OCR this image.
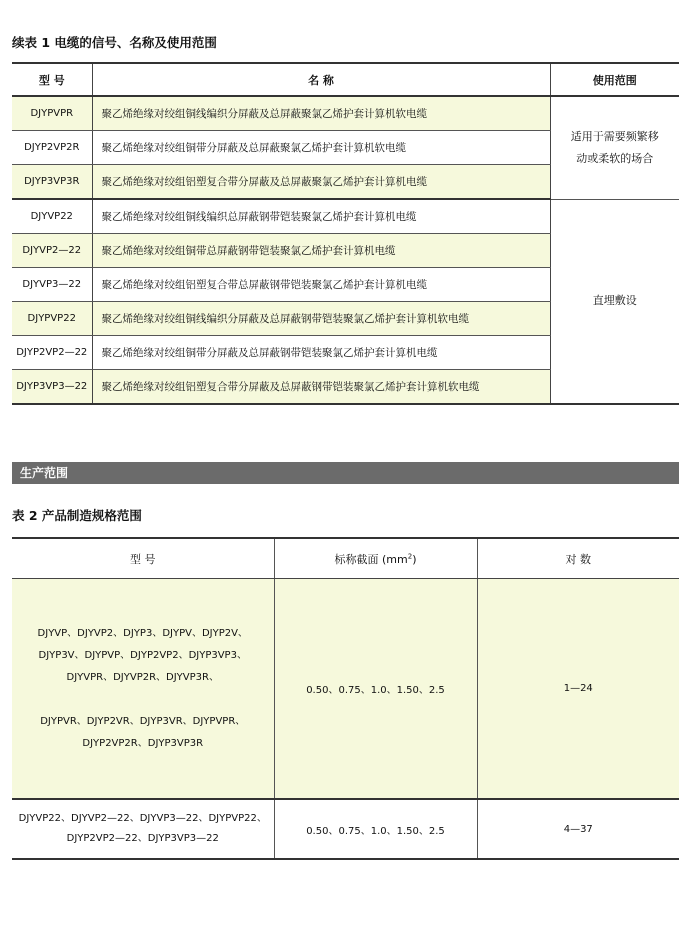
续表 1 电缆的信号、名称及使用范围
型 号	名 称	使用范围
DJYPVPR	聚乙烯绝缘对绞组铜线编织分屏蔽及总屏蔽聚氯乙烯护套计算机软电缆	适用于需要频繁移
动或柔软的场合

DJYP2VP2R	聚乙烯绝缘对绞组铜带分屏蔽及总屏蔽聚氯乙烯护套计算机软电缆	
DJYP3VP3R	聚乙烯绝缘对绞组铝塑复合带分屏蔽及总屏蔽聚氯乙烯护套计算机电缆	
DJYVP22	聚乙烯绝缘对绞组铜线编织总屏蔽钢带铠装聚氯乙烯护套计算机电缆	直埋敷设
DJYVP2—22	聚乙烯绝缘对绞组铜带总屏蔽钢带铠装聚氯乙烯护套计算机电缆	
DJYVP3—22	聚乙烯绝缘对绞组铝塑复合带总屏蔽钢带铠装聚氯乙烯护套计算机电缆	
DJYPVP22	聚乙烯绝缘对绞组铜线编织分屏蔽及总屏蔽钢带铠装聚氯乙烯护套计算机软电缆	
DJYP2VP2—22	聚乙烯绝缘对绞组铜带分屏蔽及总屏蔽钢带铠装聚氯乙烯护套计算机电缆	
DJYP3VP3—22	聚乙烯绝缘对绞组铝塑复合带分屏蔽及总屏蔽钢带铠装聚氯乙烯护套计算机软电缆	
生产范围
表 2 产品制造规格范围
型 号	标称截面 $(mm^2)$	对 数

DJYVP、DJYVP2、DJYP3、DJYPV、DJYP2V、
DJYP3V、DJYPVP、DJYP2VP2、DJYP3VP3、
DJYVPR、DJYVP2R、DJYVP3R、
DJYPVR、DJYP2VR、DJYP3VR、DJYPVPR、
DJYP2VP2R、DJYP3VP3R	0.50、0.75、1.0、1.50、2.5	1—24

DJYVP22、DJYVP2—22、DJYVP3—22、DJYPVP22、
DJYP2VP2—22、DJYP3VP3—22	0.50、0.75、1.0、1.50、2.5	4—37
